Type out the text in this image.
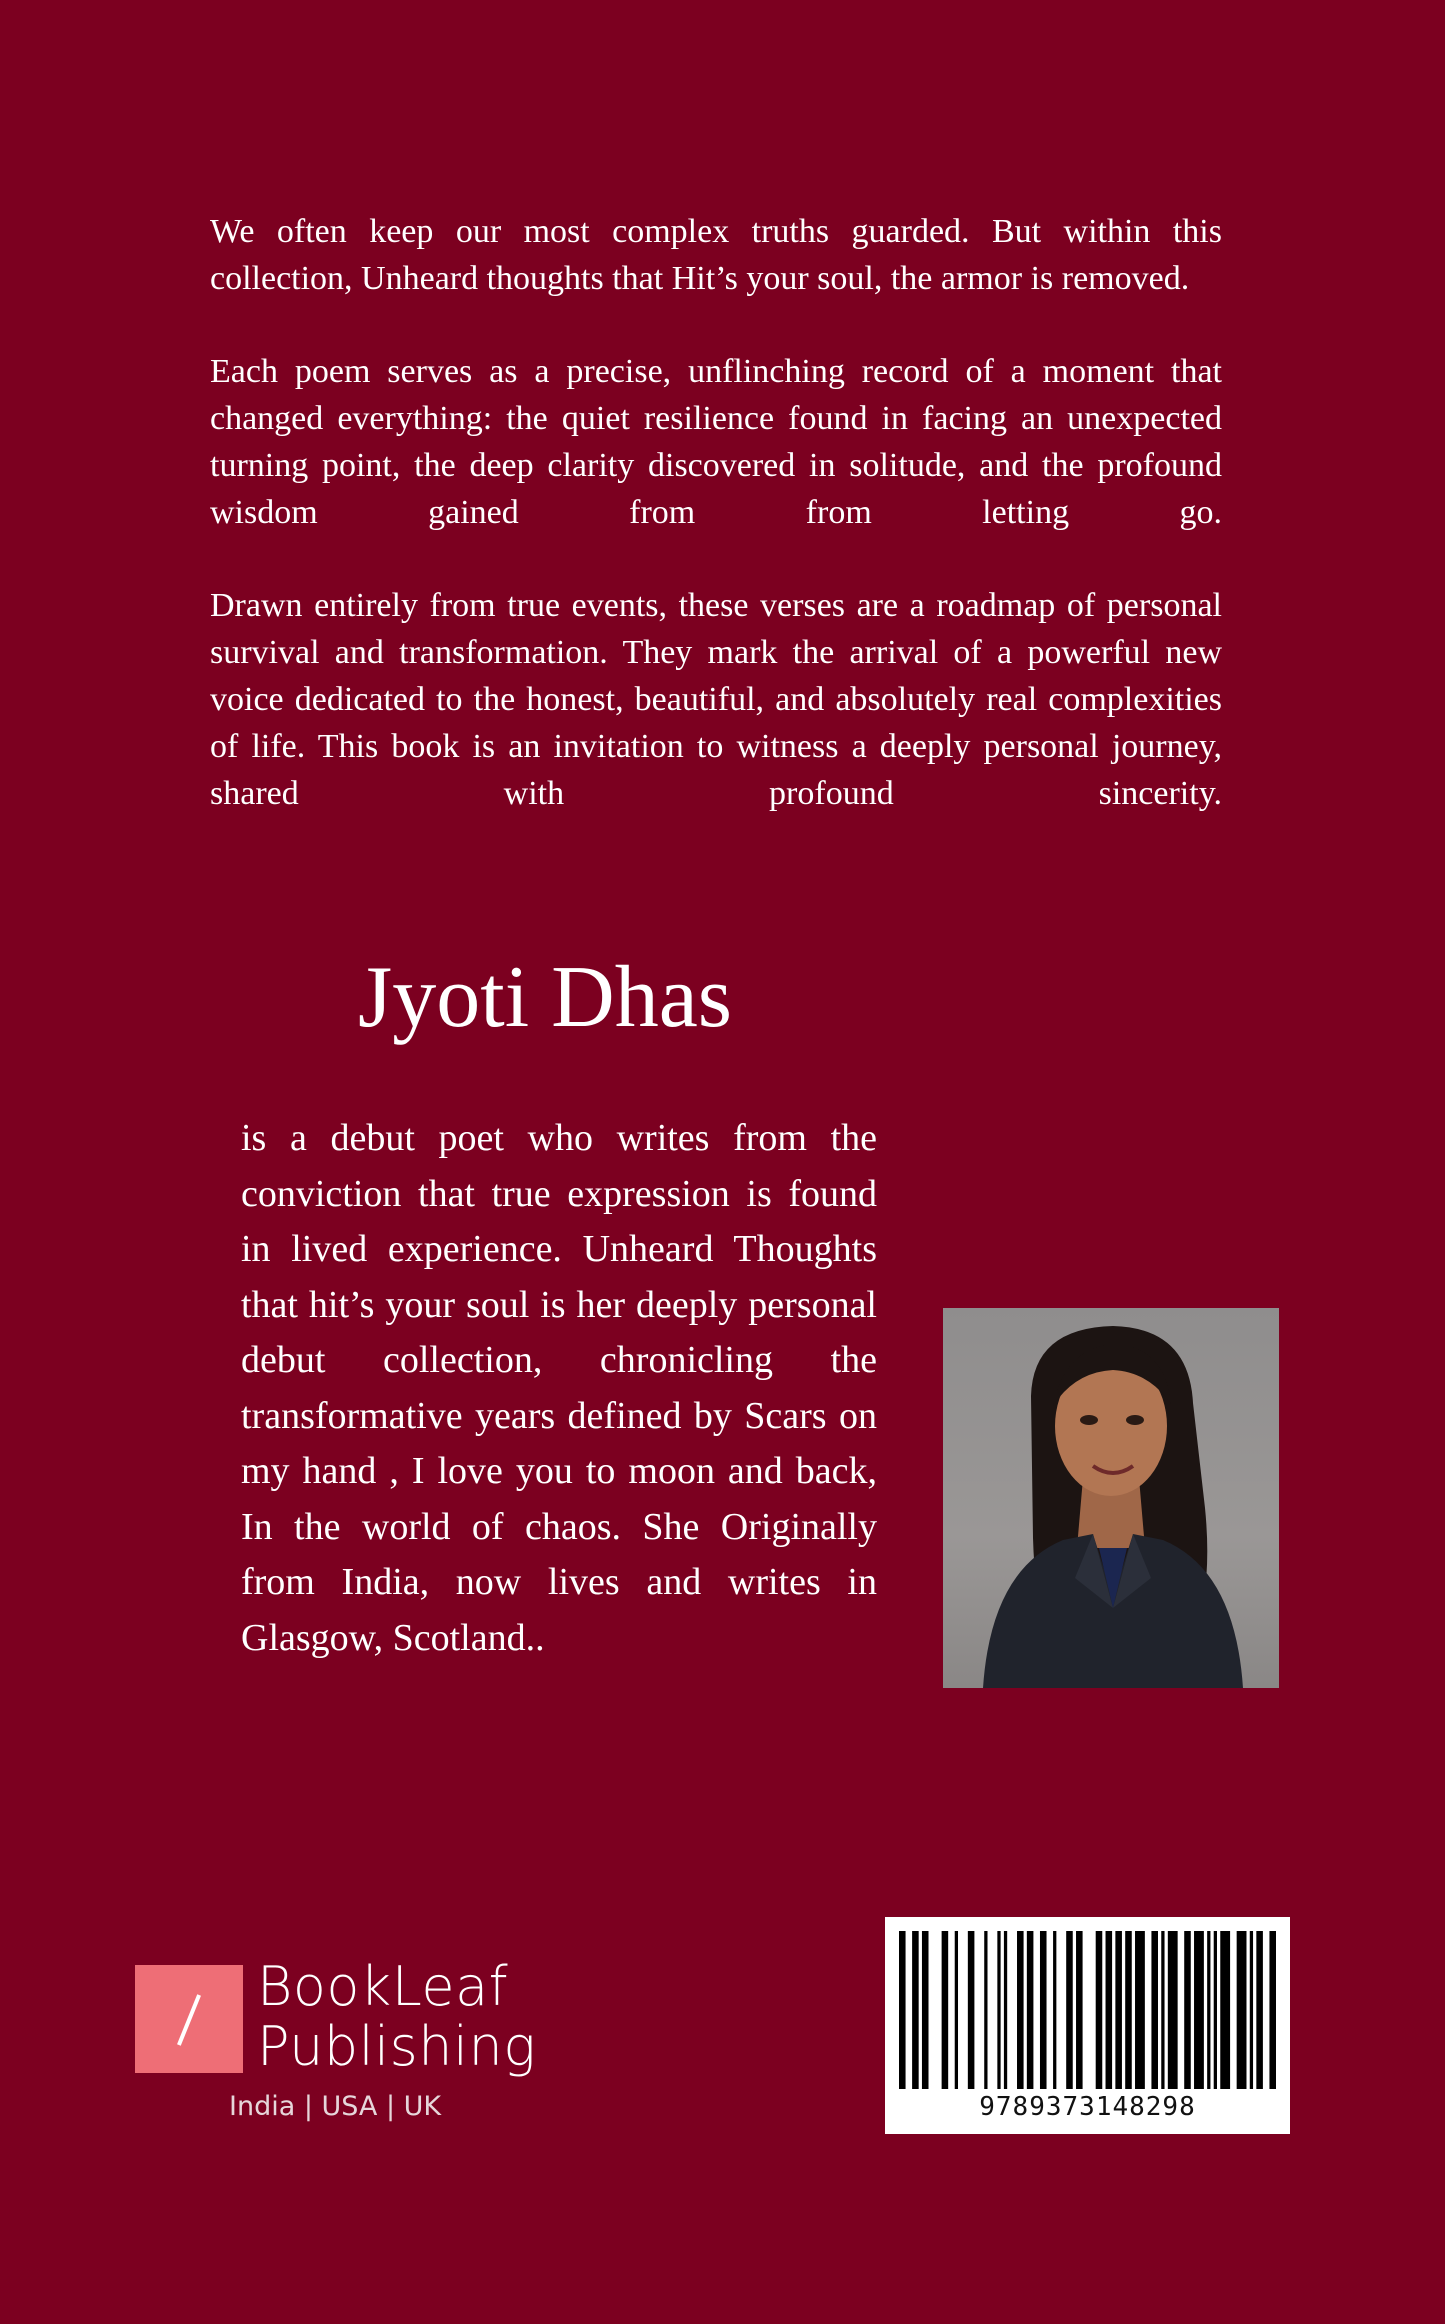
We often keep our most complex truths guarded. But within this collection, Unheard thoughts that Hit’s your soul, the armor is removed.

Each poem serves as a precise, unflinching record of a moment that changed everything: the quiet resilience found in facing an unexpected turning point, the deep clarity discovered in solitude, and the profound wisdom gained from from letting go.

Drawn entirely from true events, these verses are a roadmap of personal survival and transformation. They mark the arrival of a powerful new voice dedicated to the honest, beautiful, and absolutely real complexities of life. This book is an invitation to witness a deeply personal journey, shared with profound sincerity.

Jyoti Dhas

is a debut poet who writes from the conviction that true expression is found in lived experience. Unheard Thoughts that hit’s your soul is her deeply personal debut collection, chronicling the transformative years defined by Scars on my hand , I love you to moon and back, In the world of chaos. She Originally from India, now lives and writes in Glasgow, Scotland..

BookLeaf
Publishing
India | USA | UK	9789373148298
